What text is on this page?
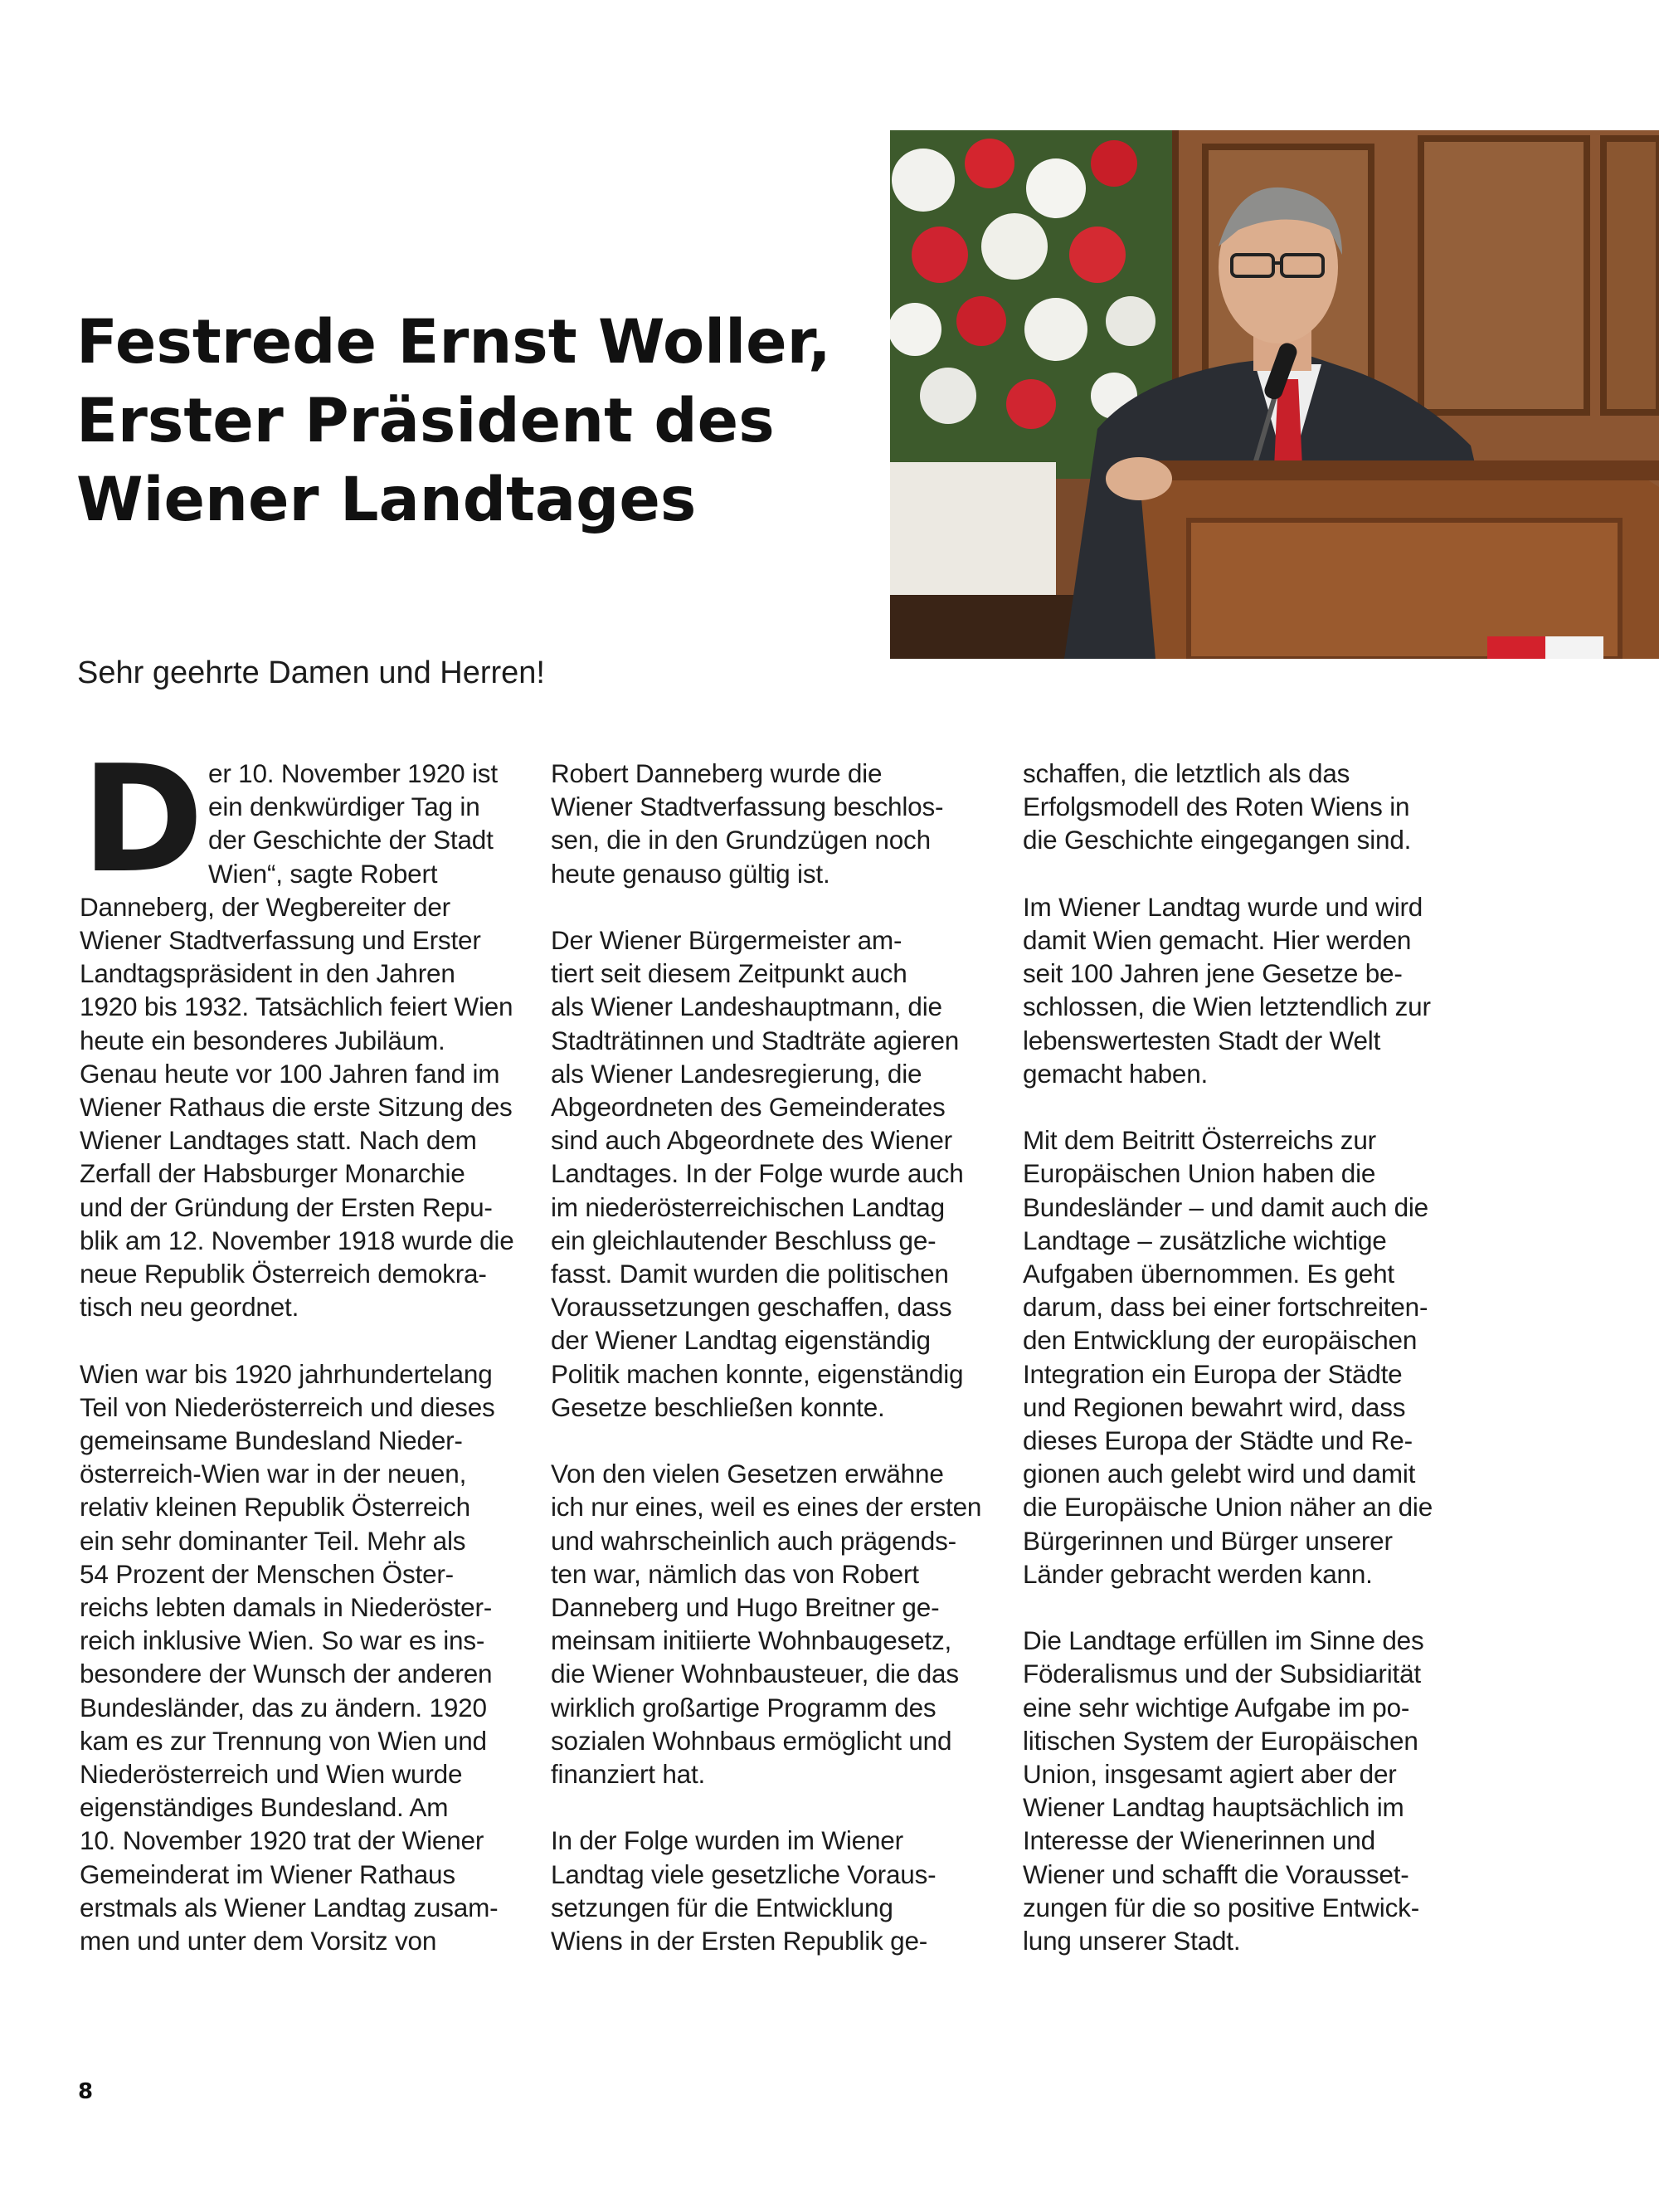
Festrede Ernst Woller,
Erster Präsident des
Wiener Landtages

Sehr geehrte Damen und Herren!

D er 10. November 1920 ist
ein denkwürdiger Tag in
der Geschichte der Stadt
Wien“, sagte Robert
Danneberg, der Wegbereiter der
Wiener Stadtverfassung und Erster
Landtagspräsident in den Jahren
1920 bis 1932. Tatsächlich feiert Wien
heute ein besonderes Jubiläum.
Genau heute vor 100 Jahren fand im
Wiener Rathaus die erste Sitzung des
Wiener Landtages statt. Nach dem
Zerfall der Habsburger Monarchie
und der Gründung der Ersten Repu-
blik am 12. November 1918 wurde die
neue Republik Österreich demokra-
tisch neu geordnet.

Wien war bis 1920 jahrhundertelang
Teil von Niederösterreich und dieses
gemeinsame Bundesland Nieder-
österreich-Wien war in der neuen,
relativ kleinen Republik Österreich
ein sehr dominanter Teil. Mehr als
54 Prozent der Menschen Öster-
reichs lebten damals in Niederöster-
reich inklusive Wien. So war es ins-
besondere der Wunsch der anderen
Bundesländer, das zu ändern. 1920
kam es zur Trennung von Wien und
Niederösterreich und Wien wurde
eigenständiges Bundesland. Am
10. November 1920 trat der Wiener
Gemeinderat im Wiener Rathaus
erstmals als Wiener Landtag zusam-
men und unter dem Vorsitz von

Robert Danneberg wurde die
Wiener Stadtverfassung beschlos-
sen, die in den Grundzügen noch
heute genauso gültig ist.

Der Wiener Bürgermeister am-
tiert seit diesem Zeitpunkt auch
als Wiener Landeshauptmann, die
Stadträtinnen und Stadträte agieren
als Wiener Landesregierung, die
Abgeordneten des Gemeinderates
sind auch Abgeordnete des Wiener
Landtages. In der Folge wurde auch
im niederösterreichischen Landtag
ein gleichlautender Beschluss ge-
fasst. Damit wurden die politischen
Voraussetzungen geschaffen, dass
der Wiener Landtag eigenständig
Politik machen konnte, eigenständig
Gesetze beschließen konnte.

Von den vielen Gesetzen erwähne
ich nur eines, weil es eines der ersten
und wahrscheinlich auch prägends-
ten war, nämlich das von Robert
Danneberg und Hugo Breitner ge-
meinsam initiierte Wohnbaugesetz,
die Wiener Wohnbausteuer, die das
wirklich großartige Programm des
sozialen Wohnbaus ermöglicht und
finanziert hat.

In der Folge wurden im Wiener
Landtag viele gesetzliche Voraus-
setzungen für die Entwicklung
Wiens in der Ersten Republik ge-

schaffen, die letztlich als das
Erfolgsmodell des Roten Wiens in
die Geschichte eingegangen sind.

Im Wiener Landtag wurde und wird
damit Wien gemacht. Hier werden
seit 100 Jahren jene Gesetze be-
schlossen, die Wien letztendlich zur
lebenswertesten Stadt der Welt
gemacht haben.

Mit dem Beitritt Österreichs zur
Europäischen Union haben die
Bundesländer – und damit auch die
Landtage – zusätzliche wichtige
Aufgaben übernommen. Es geht
darum, dass bei einer fortschreiten-
den Entwicklung der europäischen
Integration ein Europa der Städte
und Regionen bewahrt wird, dass
dieses Europa der Städte und Re-
gionen auch gelebt wird und damit
die Europäische Union näher an die
Bürgerinnen und Bürger unserer
Länder gebracht werden kann.

Die Landtage erfüllen im Sinne des
Föderalismus und der Subsidiarität
eine sehr wichtige Aufgabe im po-
litischen System der Europäischen
Union, insgesamt agiert aber der
Wiener Landtag hauptsächlich im
Interesse der Wienerinnen und
Wiener und schafft die Vorausset-
zungen für die so positive Entwick-
lung unserer Stadt.

8
